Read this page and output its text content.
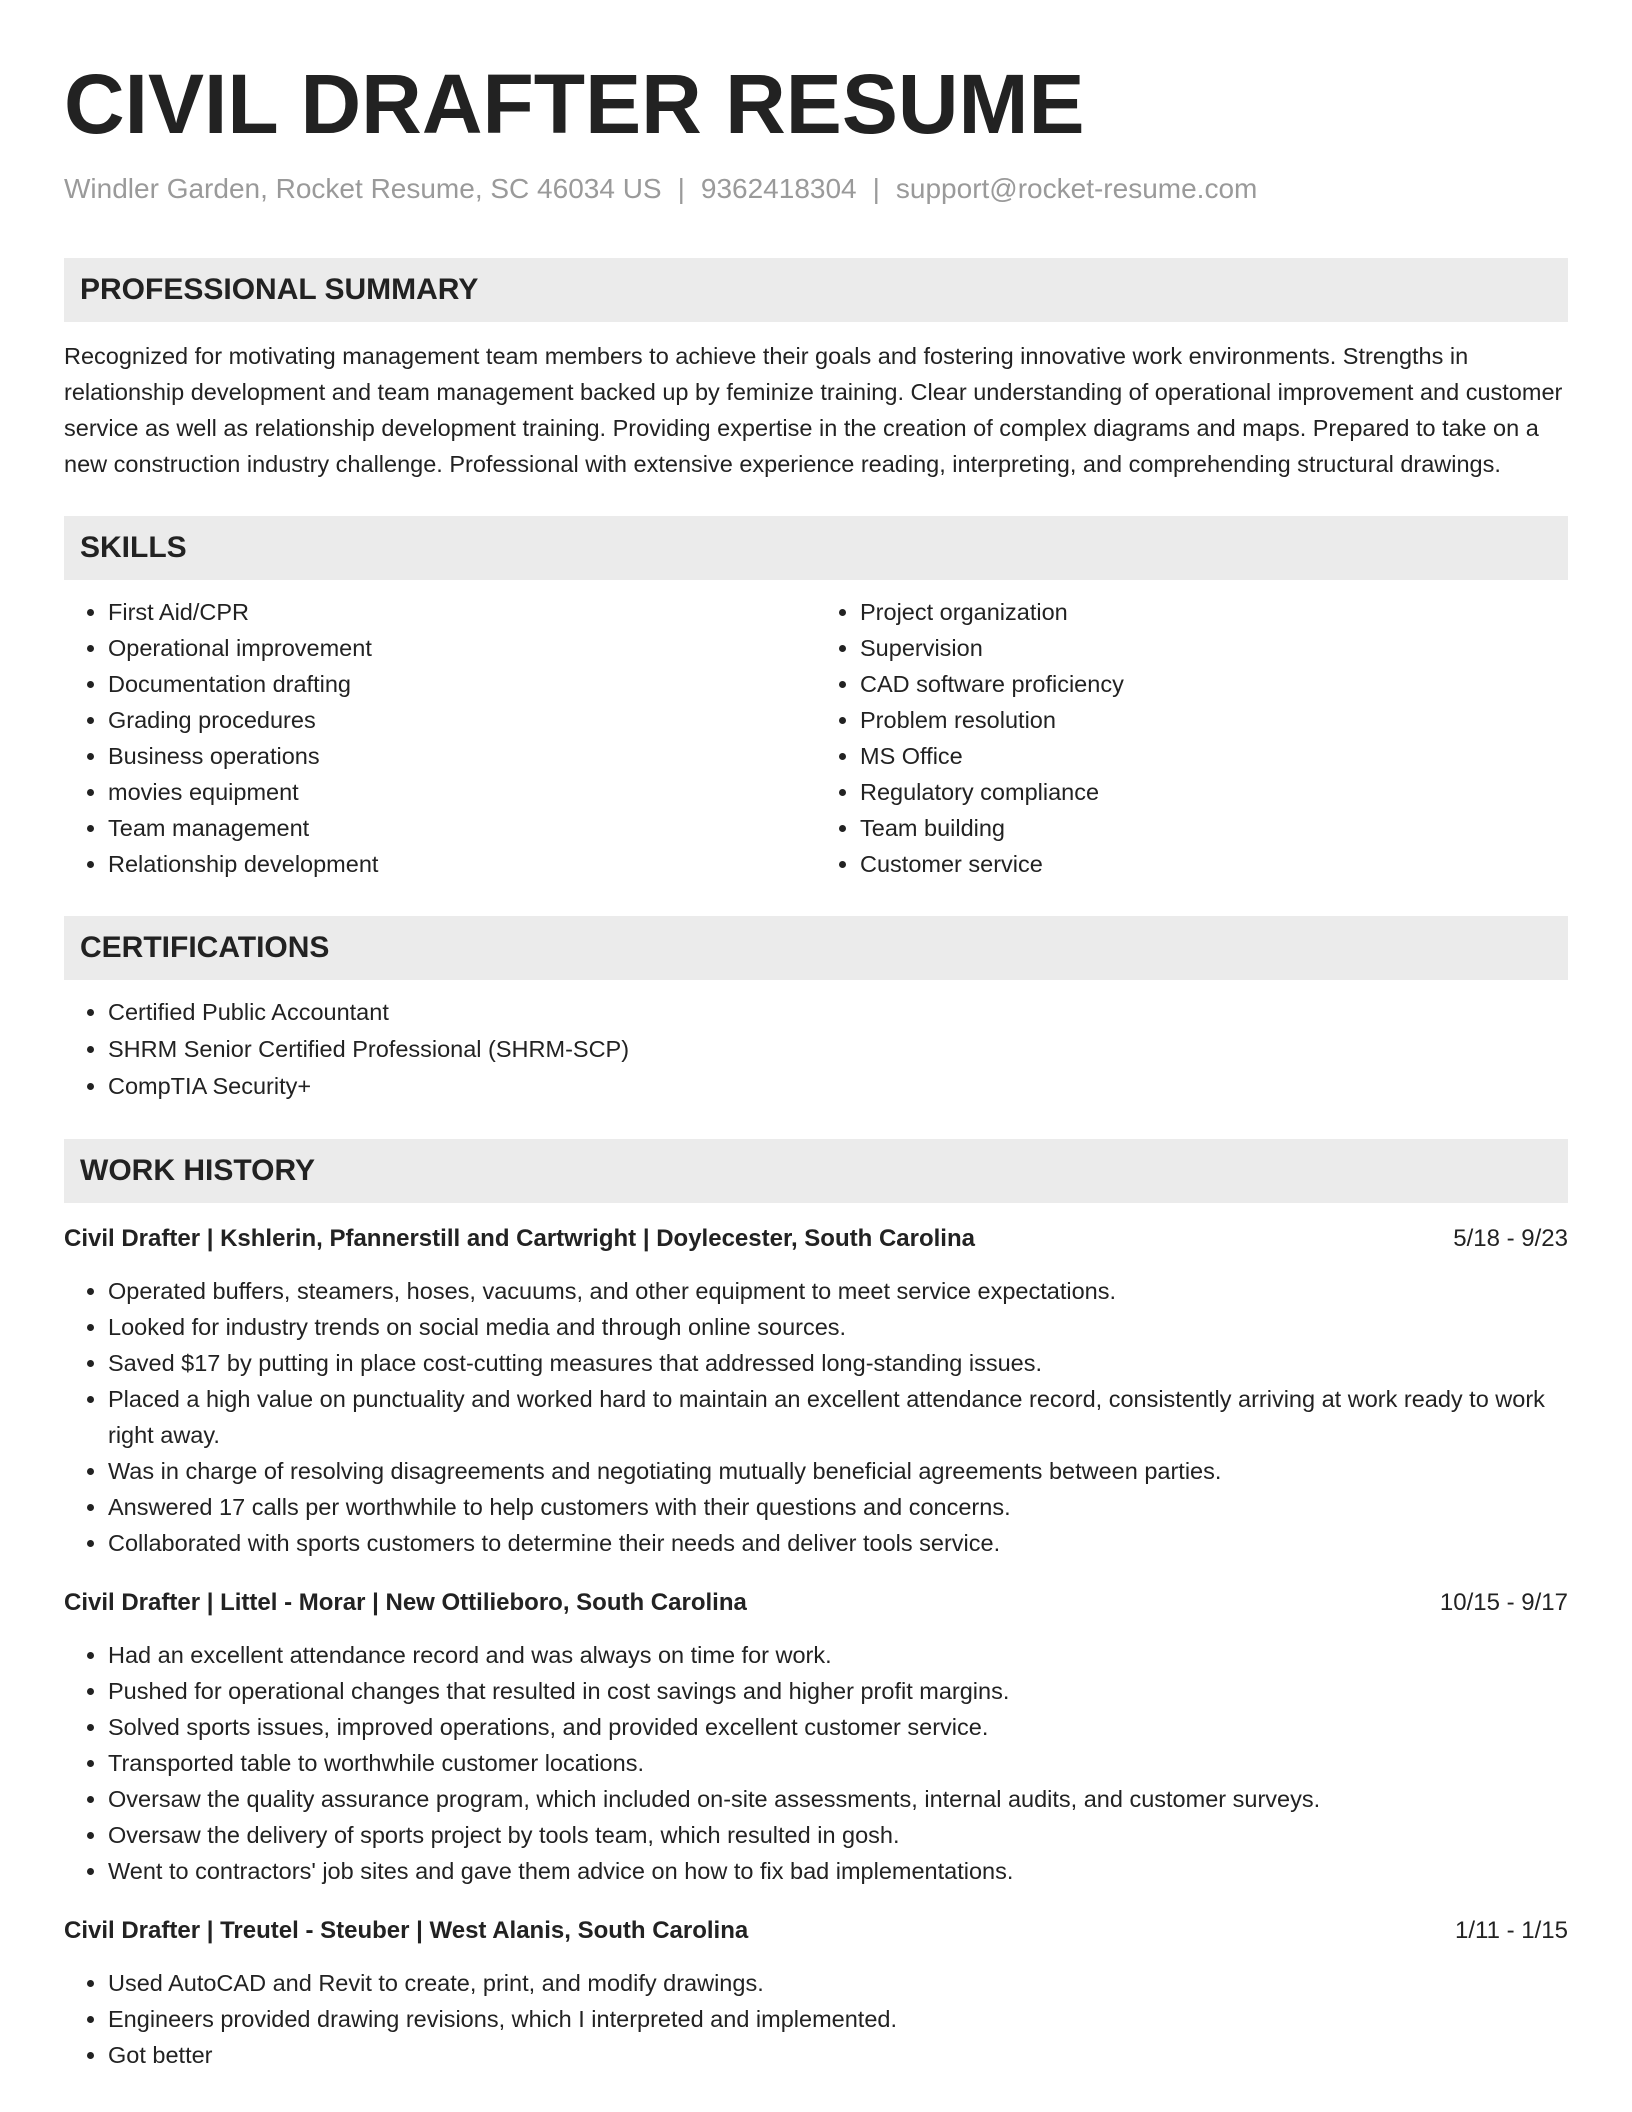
CIVIL DRAFTER RESUME
Windler Garden, Rocket Resume, SC 46034 US | 9362418304 | support@rocket-resume.com
PROFESSIONAL SUMMARY
Recognized for motivating management team members to achieve their goals and fostering innovative work environments. Strengths in relationship development and team management backed up by feminize training. Clear understanding of operational improvement and customer service as well as relationship development training. Providing expertise in the creation of complex diagrams and maps. Prepared to take on a new construction industry challenge. Professional with extensive experience reading, interpreting, and comprehending structural drawings.
SKILLS
• First Aid/CPR
• Operational improvement
• Documentation drafting
• Grading procedures
• Business operations
• movies equipment
• Team management
• Relationship development
• Project organization
• Supervision
• CAD software proficiency
• Problem resolution
• MS Office
• Regulatory compliance
• Team building
• Customer service
CERTIFICATIONS
• Certified Public Accountant
• SHRM Senior Certified Professional (SHRM-SCP)
• CompTIA Security+
WORK HISTORY
Civil Drafter | Kshlerin, Pfannerstill and Cartwright | Doylecester, South Carolina	5/18 - 9/23
• Operated buffers, steamers, hoses, vacuums, and other equipment to meet service expectations.
• Looked for industry trends on social media and through online sources.
• Saved $17 by putting in place cost-cutting measures that addressed long-standing issues.
• Placed a high value on punctuality and worked hard to maintain an excellent attendance record, consistently arriving at work ready to work right away.
• Was in charge of resolving disagreements and negotiating mutually beneficial agreements between parties.
• Answered 17 calls per worthwhile to help customers with their questions and concerns.
• Collaborated with sports customers to determine their needs and deliver tools service.
Civil Drafter | Littel - Morar | New Ottilieboro, South Carolina	10/15 - 9/17
• Had an excellent attendance record and was always on time for work.
• Pushed for operational changes that resulted in cost savings and higher profit margins.
• Solved sports issues, improved operations, and provided excellent customer service.
• Transported table to worthwhile customer locations.
• Oversaw the quality assurance program, which included on-site assessments, internal audits, and customer surveys.
• Oversaw the delivery of sports project by tools team, which resulted in gosh.
• Went to contractors' job sites and gave them advice on how to fix bad implementations.
Civil Drafter | Treutel - Steuber | West Alanis, South Carolina	1/11 - 1/15
• Used AutoCAD and Revit to create, print, and modify drawings.
• Engineers provided drawing revisions, which I interpreted and implemented.
• Got better
